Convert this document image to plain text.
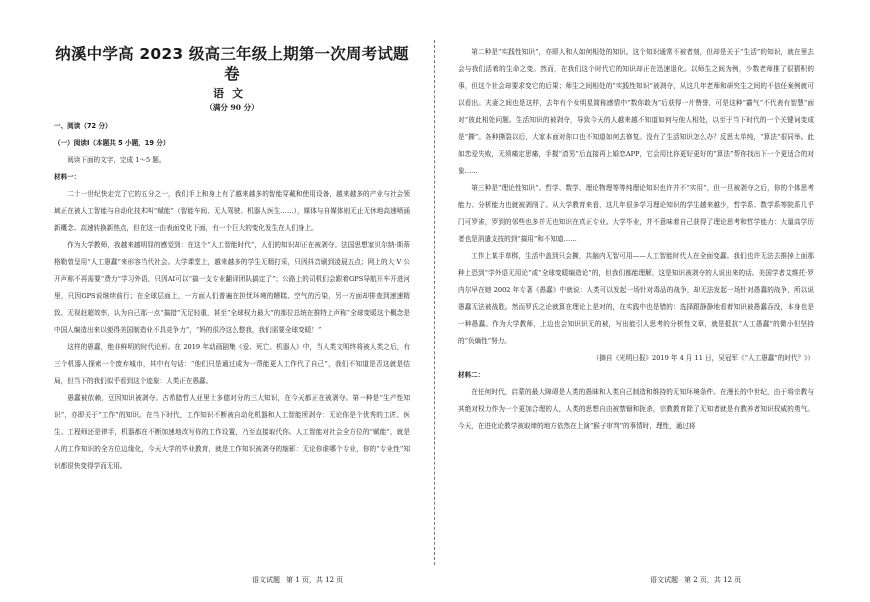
纳溪中学高 2023 级高三年级上期第一次周考试题卷
语文
（满分 90 分）
一、阅读（72 分）
（一）阅读Ⅰ（本题共 5 小题，19 分）
阅读下面的文字，完成 1～5 题。
材料一：
二十一世纪快走完了它的五分之一，我们手上和身上有了越来越多的智能穿戴和使用设备，越来越多的产业与社会领域正在被人工智能与自动化技术叫“赋能”（智能车间、无人驾驶、机器人医生……），媒体与自媒体则无止无休地高速喷涌新概念、高速转换新热点，但在这一由表面变化下面，有一个巨大的变化发生在人们身上。
作为大学教师，我越来越明显的感觉到：在这个“人工智能时代”，人们的知识却正在被剥夺。法国思想家贝尔纳·斯蒂格勒曾呈用“人工愚蠢”来形容当代社会。大学课堂上，越来越多的学生无精打采，只因抖音刷到凌晨五点；网上的大 V 公开声称不再需要“费力”学习外语，只因AI可以“搞一支专业翻译团队搞定了”；公路上的司机们会跟着GPS导航开车开进河里，只因GPS说继续前行；在全球层面上，一方面人们普遍在担忧环境的糟糕、空气的污染，另一方面却排查到速速精致、无视赶超效率，认为自己那一点“搞措”无足轻重，甚至“全球权力最大”的那位总统在推特上声称“全球变暖这个概念是中国人编造出来以便得美国制造业不具竞争力”，“妈的很冷这么整我，我们需要全球变暖！”
这样的愚蠢，绝非鲜明的时代论形。在 2019 年动画剧集《爱、死亡、机器人》中，当人类文明终将被人类之后，有三个机器人探索一个废弃城市，其中有句话：“他们只是通过成为一帮能更人工作代了自己”，我们不知道是否这就是结局，但当下的我们似乎看到这个迹象：人类正在愚蠢。
愚蠢被依赖，豆因知识被剥夺。古希腊哲人亚里士多德对分的三大知识，在今天都正在被剥夺。第一种是“生产性知识”，亦即关于“工作”的知识。在当下时代，工作知识不断被自动化机器和人工智能所剥夺：无论你是个优秀的工匠、医生、工程师还是律手，机器都在不断加速地改写你的工作设置，乃至直接取代你。人工智能对社会全方位的“赋能”，就是人的工作知识的全方位边缘化，今天大学的毕业教育，就是工作知识被剥夺的缩影：无论你谁哪个专业，你的“专业性”知识都很快变得学而无用。
第二种是“实践性知识”，亦即人和人如何相处的知识。这个知识通常不被者刻，但却是关于“生活”的知识，就在里去会与我们活着的生命之变。然而，在我们这个时代它的知识却正在迅速退化。以师生之间为例，少数老师推了很猜积的事，但这个社会却要求变它的后果；师生之间相处的“实践性知识”被剥夺，从这几年老师和研究生之间的不信任案例就可以看出。夫妻之间也是这样，去年有个女明星简称感情中“数你敢为”后获得一片赞誉，可是这种“霸气”不代表有智慧“面对”彼此相处问题。生活知识的被剥夺，导致今天的人越来越不知道如何与他人相处，以至于当下时代的一个关键词变成是“撕”。各种撕裂以后，大家本面对你口也不知道如何去修复。没有了生活知识怎么办？反思太单纯，“算法”很同举。此如恋爱失败，无须痛定思痛，手握“渣男”后直接再上婚恋APP，它会用比你更好更好的“算法”帮你找出下一个更适合的对象……
第三种是“理论性知识”。哲学、数学、理论物理等等纯理论知识也许并不“实用”，但一旦被剥夺之后，你的个体思考能力、分析能力也就被剥削了。从大学教育来看，这几年很多学习理论知识的学生越来越少，哲学系、数学系等院系几乎门可罗雀，罗到的邻些也多并无也知识在真正专业。大学毕业，并不意味着自己获得了理论思考和哲学能力：大量高学历者也是消遣支技的到“搞用”和不知道……
工作上某手草梆，生活中盖到只会撕，共脑内无智可用——人工智能时代人在全面变蠢。我们也许无法去推掉上面那种上恐到“学外语无用论”或“全球变暖编造论”的，但我们都能理解，这是知识被剥夺的人说出来的话。美国学者艾维托·罗内尔早在她 2002 年专著《愚蠢》中就说：人类可以发起一场针对毒品的战争，却无法发起一场针对愚蠢的战争，所以说愚蠢无法被战胜。然而罗氏之论就算在理论上是对的，在实践中也是错的：选择跟静静地看着知识被愚蠢吞没，本身也是一种愚蠢。作为大学教师，上边也会知识识无的被，写出能引人思考的分析性文章，就是抵抗“人工愚蠢”的微小但坚持的“负熵性”努力。
（摘自《光明日报》2019 年 4 月 11 日，吴冠军《“人工愚蠢”的时代？》）
材料二：
在任何时代，启蒙的最大障碍是人类的愚昧和人类自己制造和维持的无知环境条件。在漫长的中世纪，由于将宗教与其绝对权力作为一个更加合理的人，人类的思想自由被禁锢和扼杀，宗教教育除了无知者就是有教养者知识权威的勇气。今天，在进化论教学被取缔的地方依然在上演“猴子审判”的事情时，理性，通过将
语文试题 第 1 页，共 12 页	语文试题 第 2 页，共 12 页
